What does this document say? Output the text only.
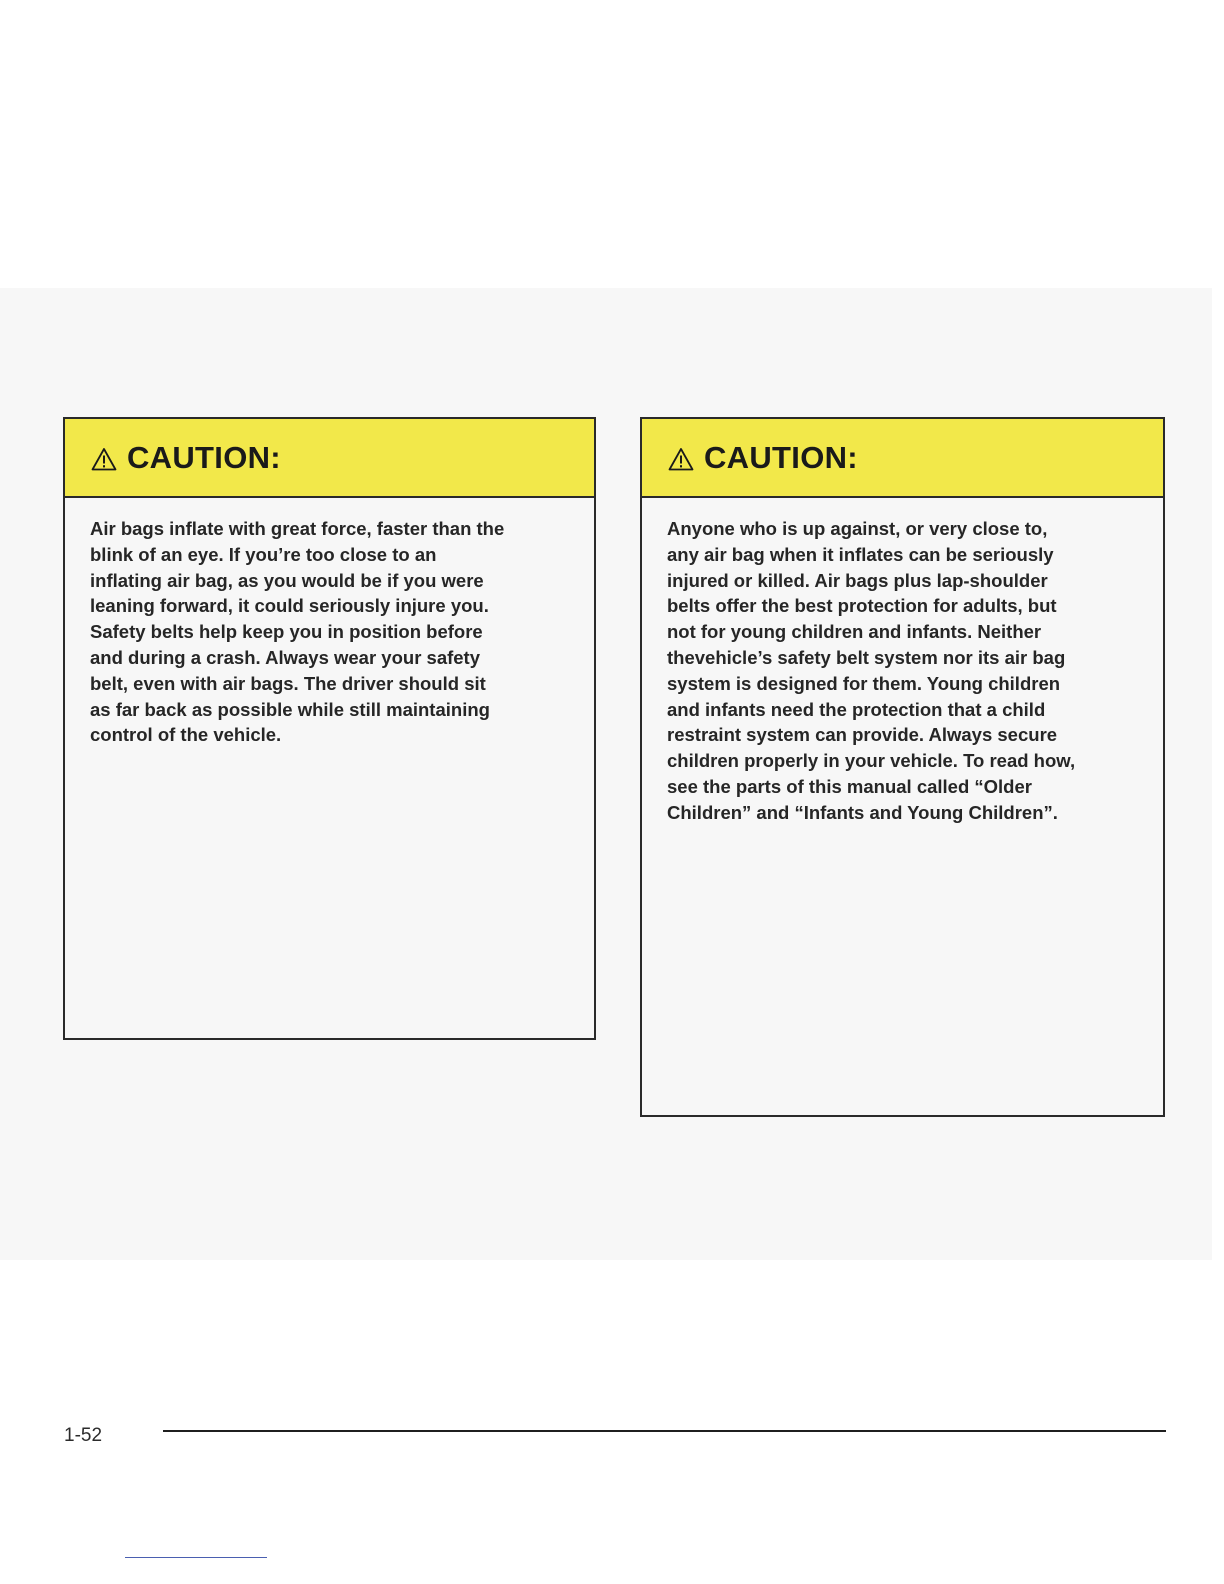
CAUTION:
Air bags inflate with great force, faster than the
blink of an eye. If you’re too close to an
inflating air bag, as you would be if you were
leaning forward, it could seriously injure you.
Safety belts help keep you in position before
and during a crash. Always wear your safety
belt, even with air bags. The driver should sit
as far back as possible while still maintaining
control of the vehicle.
CAUTION:
Anyone who is up against, or very close to,
any air bag when it inflates can be seriously
injured or killed. Air bags plus lap-shoulder
belts offer the best protection for adults, but
not for young children and infants. Neither
thevehicle’s safety belt system nor its air bag
system is designed for them. Young children
and infants need the protection that a child
restraint system can provide. Always secure
children properly in your vehicle. To read how,
see the parts of this manual called “Older
Children” and “Infants and Young Children”.
1-52
